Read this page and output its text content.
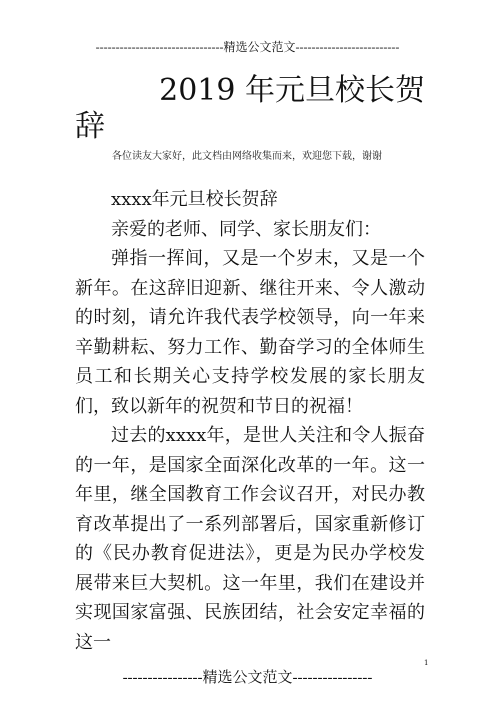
--------------------------------精选公文范文--------------------------
2019 年元旦校长贺
辞
各位读友大家好，此文档由网络收集而来，欢迎您下载，谢谢

xxxx年元旦校长贺辞

亲爱的老师、同学、家长朋友们：

弹指一挥间，又是一个岁末，又是一个新年。在这辞旧迎新、继往开来、令人激动的时刻，请允许我代表学校领导，向一年来辛勤耕耘、努力工作、勤奋学习的全体师生员工和长期关心支持学校发展的家长朋友们，致以新年的祝贺和节日的祝福！

过去的xxxx年，是世人关注和令人振奋的一年，是国家全面深化改革的一年。这一年里，继全国教育工作会议召开，对民办教育改革提出了一系列部署后，国家重新修订的《民办教育促进法》，更是为民办学校发展带来巨大契机。这一年里，我们在建设并实现国家富强、民族团结，社会安定幸福的这一

----------------精选公文范文----------------
1
